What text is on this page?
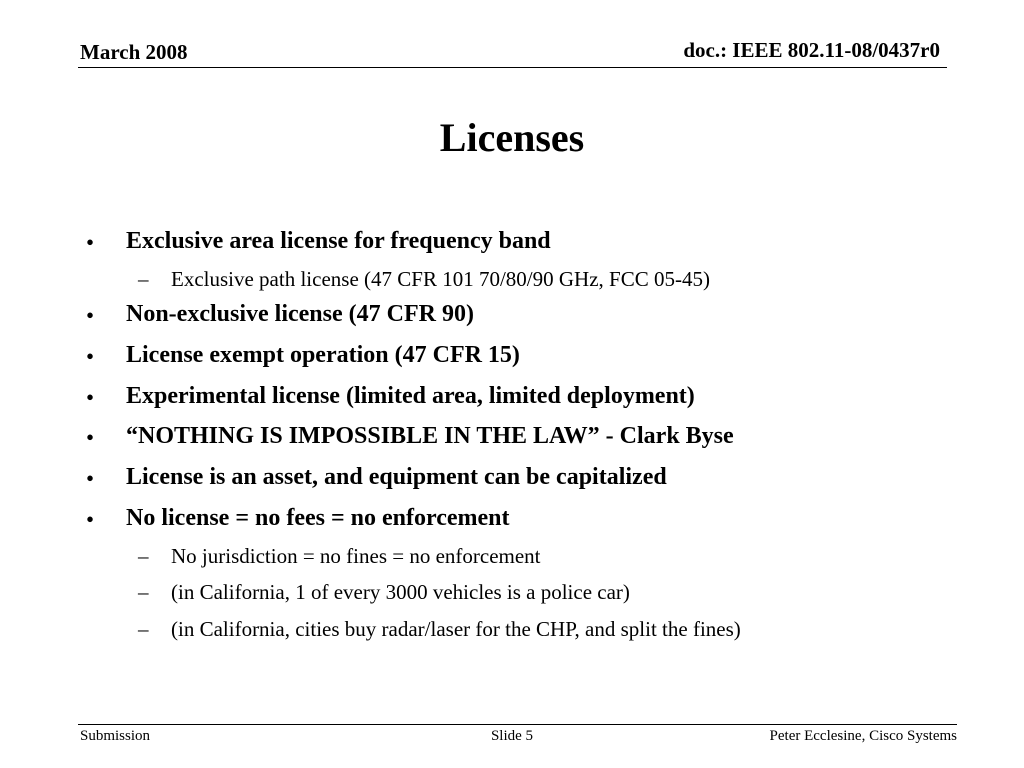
March 2008	doc.: IEEE 802.11-08/0437r0
Licenses
• Exclusive area license for frequency band
– Exclusive path license (47 CFR 101 70/80/90 GHz, FCC 05-45)
• Non-exclusive license (47 CFR 90)
• License exempt operation (47 CFR 15)
• Experimental license (limited area, limited deployment)
• “NOTHING IS IMPOSSIBLE IN THE LAW” - Clark Byse
• License is an asset, and equipment can be capitalized
• No license = no fees = no enforcement
– No jurisdiction = no fines = no enforcement
– (in California, 1 of every 3000 vehicles is a police car)
– (in California, cities buy radar/laser for the CHP, and split the fines)
Submission	Slide 5	Peter Ecclesine, Cisco Systems
